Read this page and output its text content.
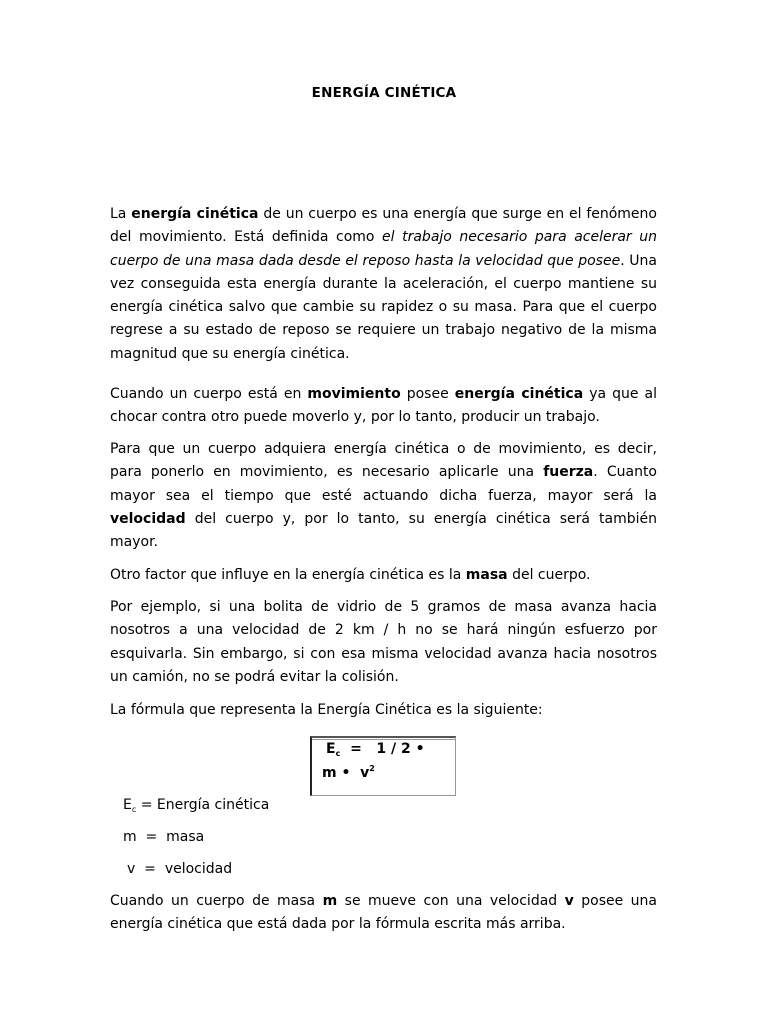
ENERGÍA CINÉTICA

La energía cinética de un cuerpo es una energía que surge en el fenómeno del movimiento. Está definida como el trabajo necesario para acelerar un cuerpo de una masa dada desde el reposo hasta la velocidad que posee. Una vez conseguida esta energía durante la aceleración, el cuerpo mantiene su energía cinética salvo que cambie su rapidez o su masa. Para que el cuerpo regrese a su estado de reposo se requiere un trabajo negativo de la misma magnitud que su energía cinética.

Cuando un cuerpo está en movimiento posee energía cinética ya que al chocar contra otro puede moverlo y, por lo tanto, producir un trabajo.

Para que un cuerpo adquiera energía cinética o de movimiento, es decir, para ponerlo en movimiento, es necesario aplicarle una fuerza. Cuanto mayor sea el tiempo que esté actuando dicha fuerza, mayor será la velocidad del cuerpo y, por lo tanto, su energía cinética será también mayor.

Otro factor que influye en la energía cinética es la masa del cuerpo.

Por ejemplo, si una bolita de vidrio de 5 gramos de masa avanza hacia nosotros a una velocidad de 2 km / h no se hará ningún esfuerzo por esquivarla. Sin embargo, si con esa misma velocidad avanza hacia nosotros un camión, no se podrá evitar la colisión.

La fórmula que representa la Energía Cinética es la siguiente:

$E_c = 1 / 2$ •
m •  $v^2$
$E_c$ = Energía cinética
m  =  masa
v  =  velocidad

Cuando un cuerpo de masa m se mueve con una velocidad v posee una energía cinética que está dada por la fórmula escrita más arriba.
